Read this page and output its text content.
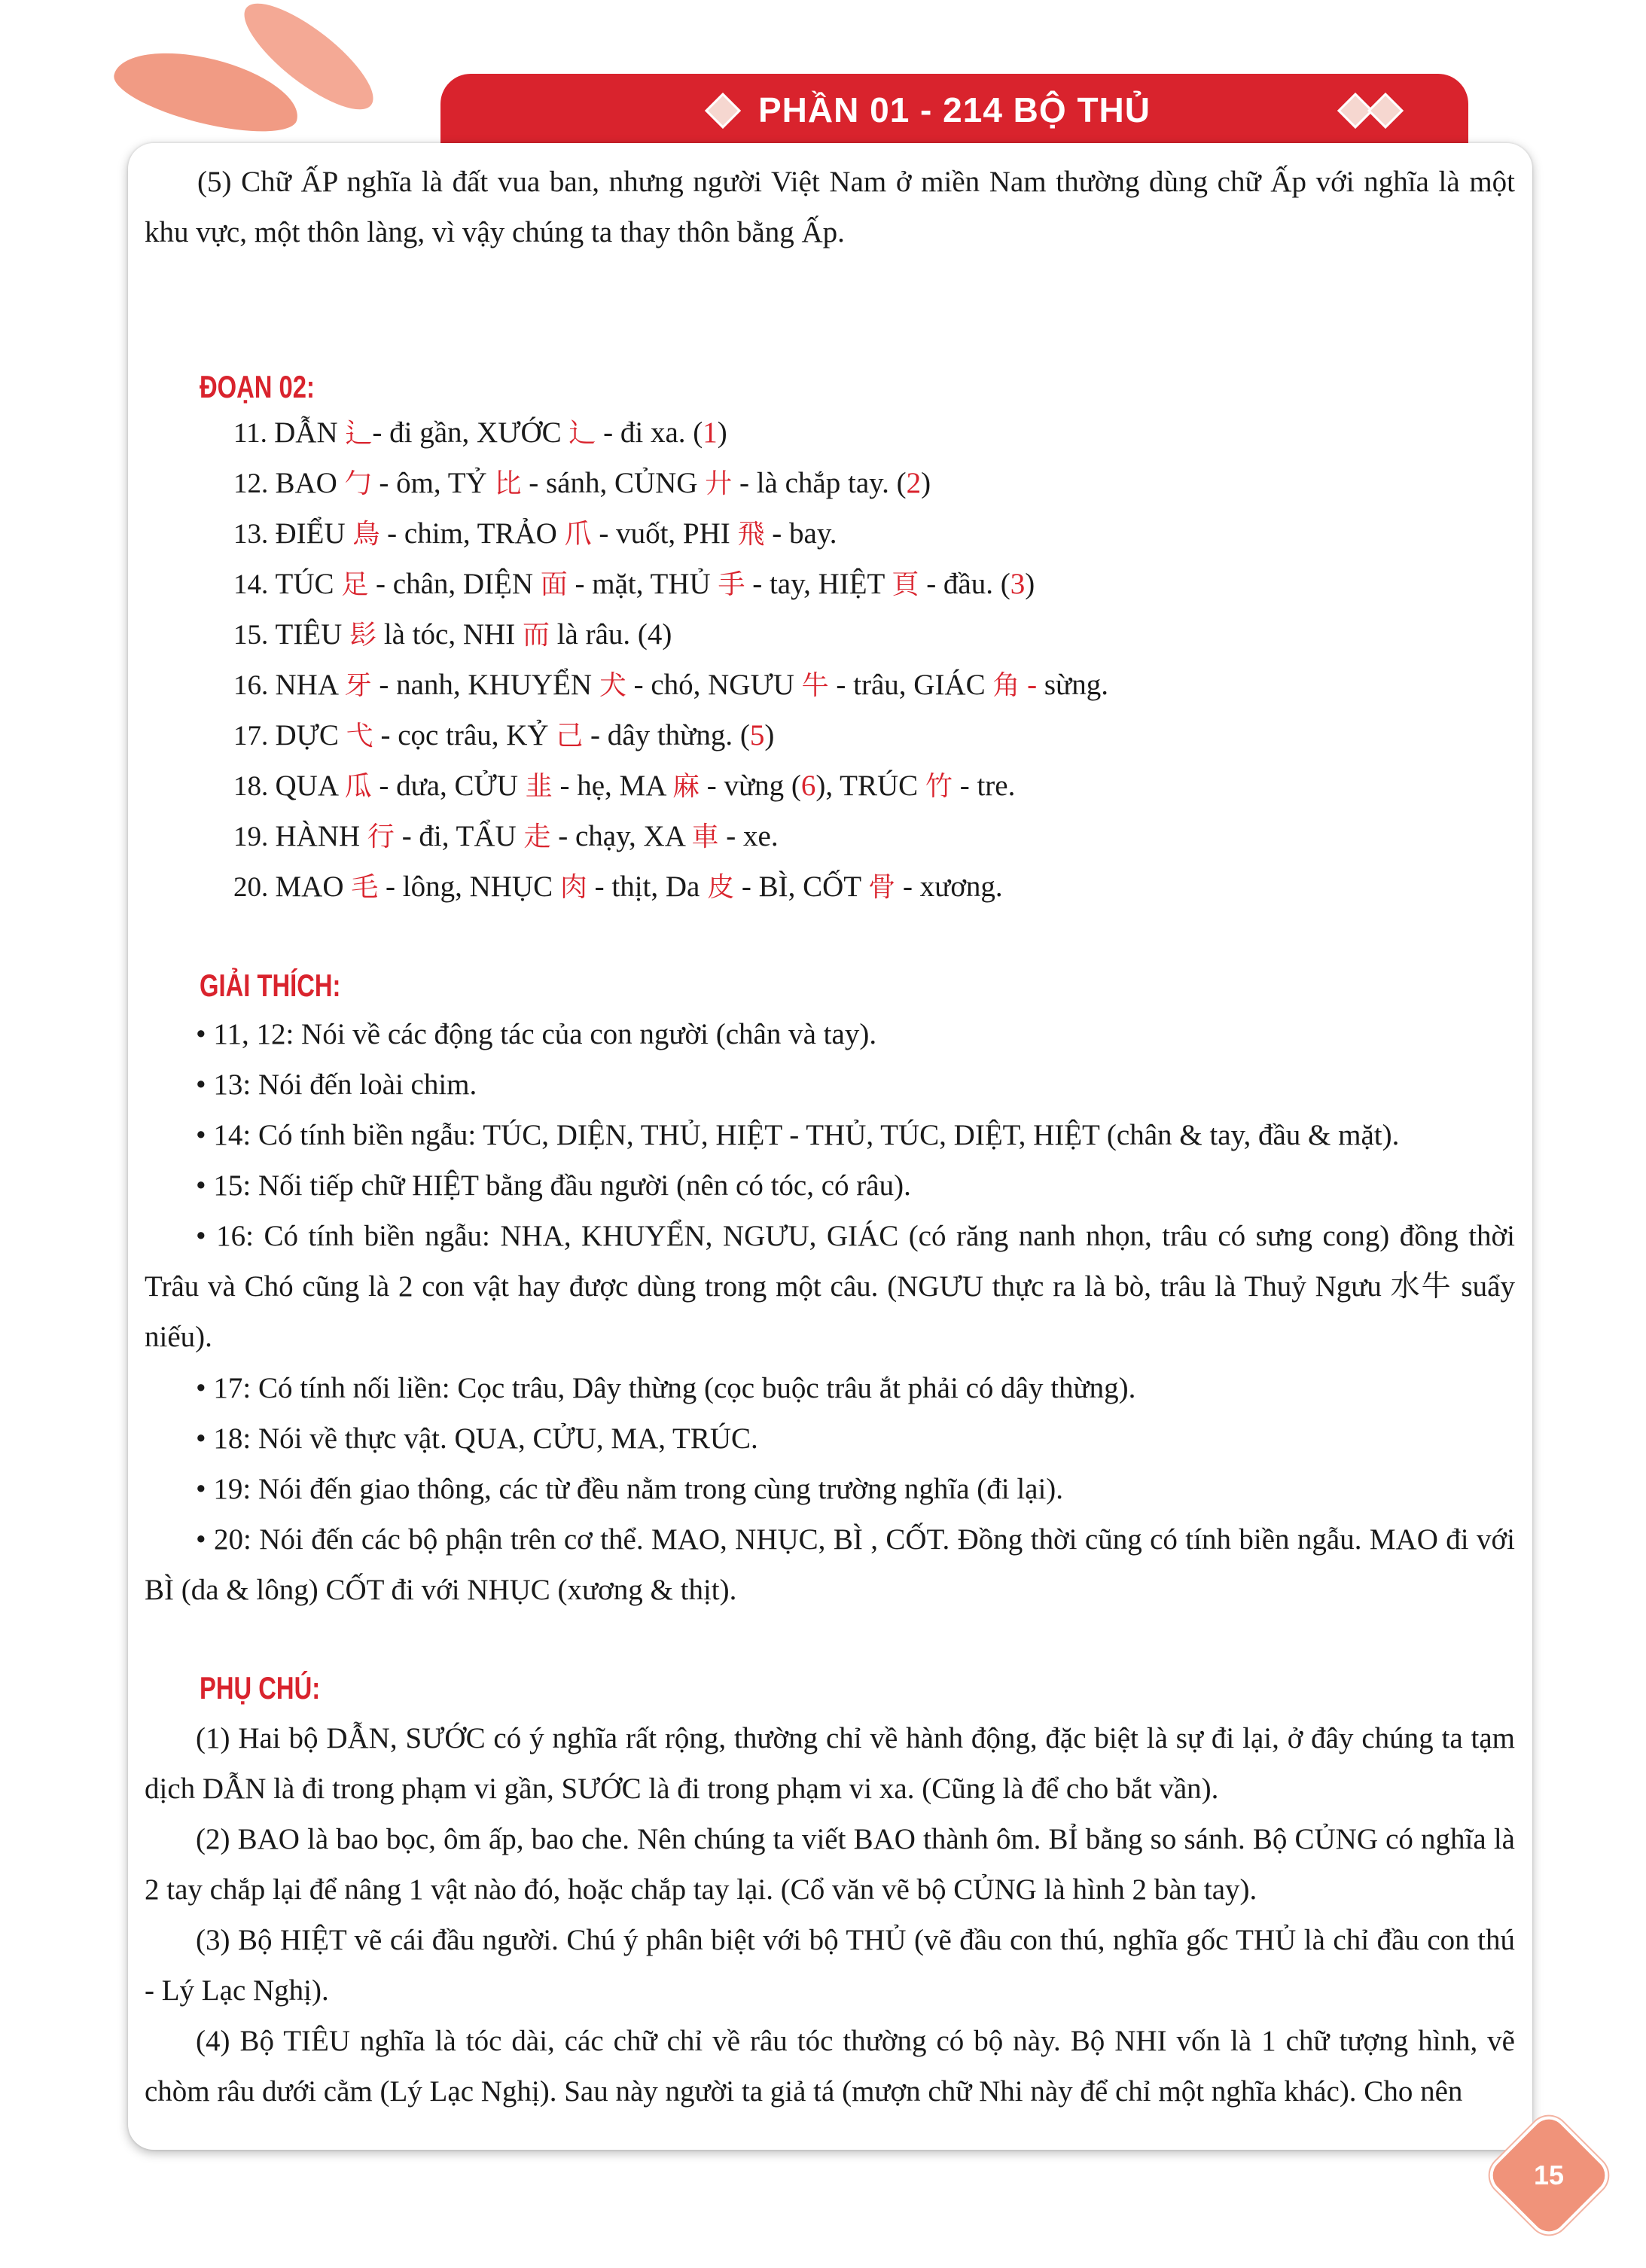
PHẦN 01 - 214 BỘ THỦ

(5) Chữ ẤP nghĩa là đất vua ban, nhưng người Việt Nam ở miền Nam thường dùng chữ Ấp với nghĩa là một khu vực, một thôn làng, vì vậy chúng ta thay thôn bằng Ấp.

ĐOẠN 02:
11. DẪN ⻍- đi gần, XƯỚC ⻌ - đi xa. (1)
12. BAO 勹 - ôm, TỶ 比 - sánh, CỦNG 廾 - là chắp tay. (2)
13. ĐIỂU 鳥 - chim, TRẢO 爪 - vuốt, PHI 飛 - bay.
14. TÚC 足 - chân, DIỆN 面 - mặt, THỦ 手 - tay, HIỆT 頁 - đầu. (3)
15. TIÊU 髟 là tóc, NHI 而 là râu. (4)
16. NHA 牙 - nanh, KHUYỂN 犬 - chó, NGƯU 牛 - trâu, GIÁC 角 - sừng.
17. DỰC 弋 - cọc trâu, KỶ 己 - dây thừng. (5)
18. QUA 瓜 - dưa, CỬU 韭 - hẹ, MA 麻 - vừng (6), TRÚC 竹 - tre.
19. HÀNH 行 - đi, TẨU 走 - chạy, XA 車 - xe.
20. MAO 毛 - lông, NHỤC 肉 - thịt, Da 皮 - BÌ, CỐT 骨 - xương.
GIẢI THÍCH:
• 11, 12: Nói về các động tác của con người (chân và tay).
• 13: Nói đến loài chim.
• 14: Có tính biền ngẫu: TÚC, DIỆN, THỦ, HIỆT - THỦ, TÚC, DIỆT, HIỆT (chân & tay, đầu & mặt).
• 15: Nối tiếp chữ HIỆT bằng đầu người (nên có tóc, có râu).
• 16: Có tính biền ngẫu: NHA, KHUYỂN, NGƯU, GIÁC (có răng nanh nhọn, trâu có sưng cong) đồng thời Trâu và Chó cũng là 2 con vật hay được dùng trong một câu. (NGƯU thực ra là bò, trâu là Thuỷ Ngưu 水牛 suẩy niếu).
• 17: Có tính nối liền: Cọc trâu, Dây thừng (cọc buộc trâu ắt phải có dây thừng).
• 18: Nói về thực vật. QUA, CỬU, MA, TRÚC.
• 19: Nói đến giao thông, các từ đều nằm trong cùng trường nghĩa (đi lại).
• 20: Nói đến các bộ phận trên cơ thể. MAO, NHỤC, BÌ , CỐT. Đồng thời cũng có tính biền ngẫu. MAO đi với BÌ (da & lông) CỐT đi với NHỤC (xương & thịt).
PHỤ CHÚ:
(1) Hai bộ DẪN, SƯỚC có ý nghĩa rất rộng, thường chỉ về hành động, đặc biệt là sự đi lại, ở đây chúng ta tạm dịch DẪN là đi trong phạm vi gần, SƯỚC là đi trong phạm vi xa. (Cũng là để cho bắt vần).
(2) BAO là bao bọc, ôm ấp, bao che. Nên chúng ta viết BAO thành ôm. BỈ bằng so sánh. Bộ CỦNG có nghĩa là 2 tay chắp lại để nâng 1 vật nào đó, hoặc chắp tay lại. (Cổ văn vẽ bộ CỦNG là hình 2 bàn tay).
(3) Bộ HIỆT vẽ cái đầu người. Chú ý phân biệt với bộ THỦ (vẽ đầu con thú, nghĩa gốc THỦ là chỉ đầu con thú - Lý Lạc Nghị).
(4) Bộ TIÊU nghĩa là tóc dài, các chữ chỉ về râu tóc thường có bộ này. Bộ NHI vốn là 1 chữ tượng hình, vẽ chòm râu dưới cằm (Lý Lạc Nghị). Sau này người ta giả tá (mượn chữ Nhi này để chỉ một nghĩa khác). Cho nên
15
